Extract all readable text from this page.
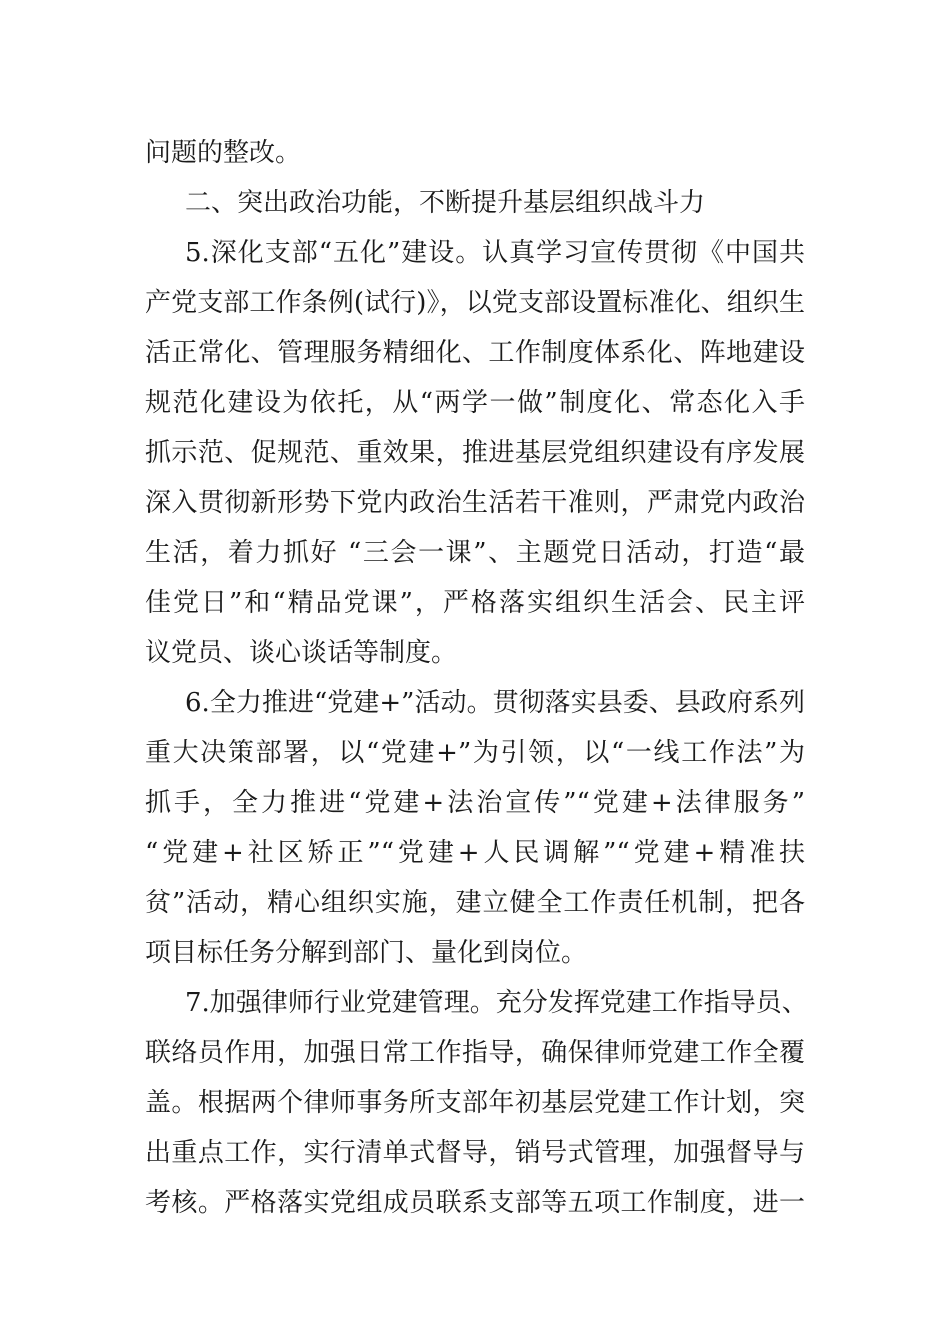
问题的整改。
二、突出政治功能，不断提升基层组织战斗力
5.深化支部“五化”建设。认真学习宣传贯彻《中国共
产党支部工作条例(试行)》，以党支部设置标准化、组织生
活正常化、管理服务精细化、工作制度体系化、阵地建设
规范化建设为依托，从“两学一做”制度化、常态化入手
抓示范、促规范、重效果，推进基层党组织建设有序发展
深入贯彻新形势下党内政治生活若干准则，严肃党内政治
生活，着力抓好 “三会一课”、主题党日活动，打造“最
佳党日”和“精品党课”，严格落实组织生活会、民主评
议党员、谈心谈话等制度。
6.全力推进“党建+”活动。贯彻落实县委、县政府系列
重大决策部署，以“党建+”为引领，以“一线工作法”为
抓手，全力推进“党建+法治宣传”“党建+法律服务”
“党建+社区矫正”“党建+人民调解”“党建+精准扶
贫”活动，精心组织实施，建立健全工作责任机制，把各
项目标任务分解到部门、量化到岗位。
7.加强律师行业党建管理。充分发挥党建工作指导员、
联络员作用，加强日常工作指导，确保律师党建工作全覆
盖。根据两个律师事务所支部年初基层党建工作计划，突
出重点工作，实行清单式督导，销号式管理，加强督导与
考核。严格落实党组成员联系支部等五项工作制度，进一
